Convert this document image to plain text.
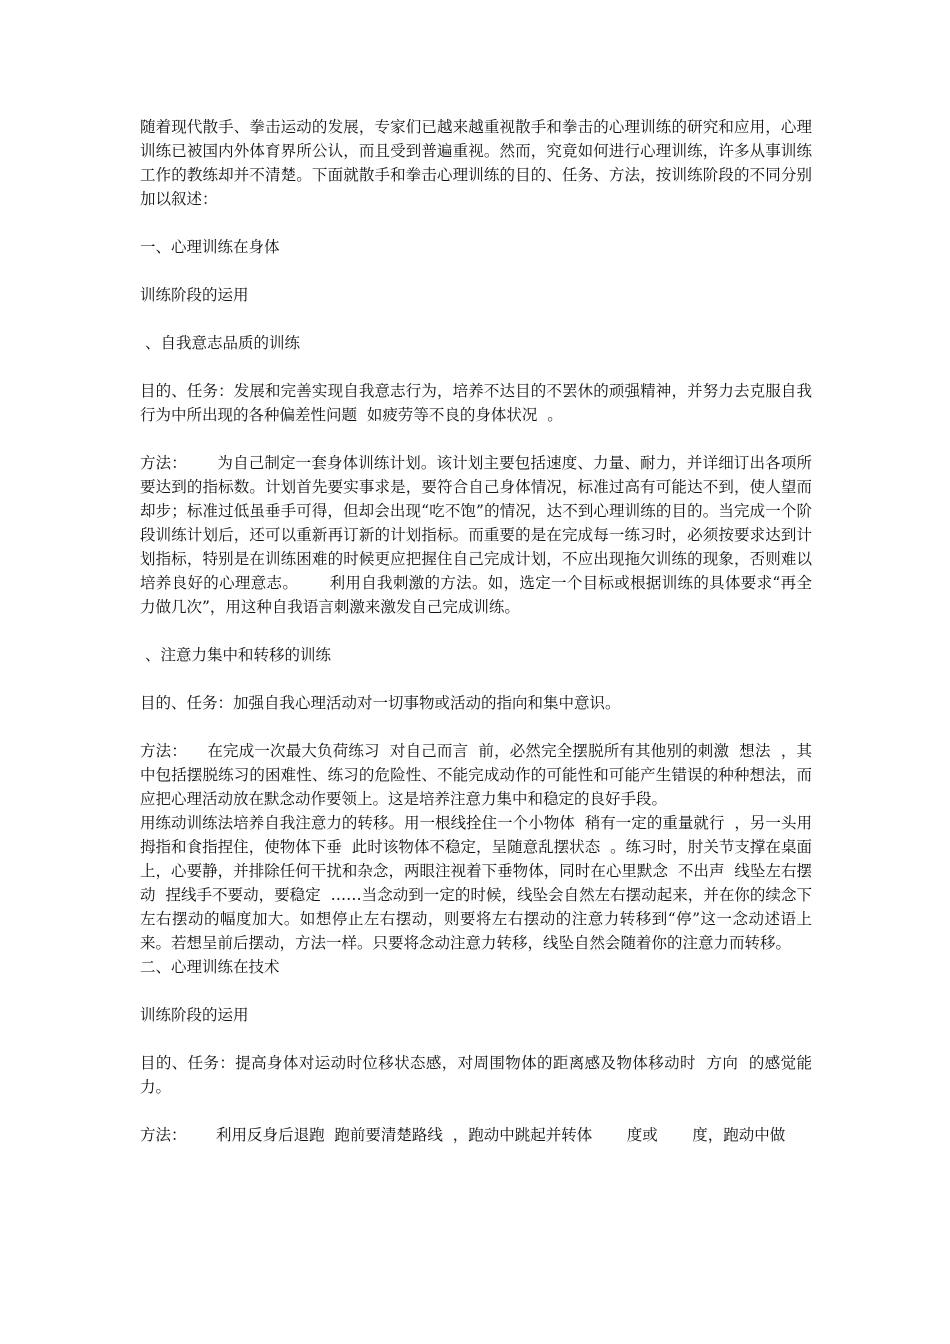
随着现代散手、拳击运动的发展，专家们已越来越重视散手和拳击的心理训练的研究和应用，心理训练已被国内外体育界所公认，而且受到普遍重视。然而，究竟如何进行心理训练，许多从事训练工作的教练却并不清楚。下面就散手和拳击心理训练的目的、任务、方法，按训练阶段的不同分别加以叙述：

一、心理训练在身体

训练阶段的运用

、自我意志品质的训练

目的、任务：发展和完善实现自我意志行为，培养不达目的不罢休的顽强精神，并努力去克服自我行为中所出现的各种偏差性问题  如疲劳等不良的身体状况  。

方法：      为自己制定一套身体训练计划。该计划主要包括速度、力量、耐力，并详细订出各项所要达到的指标数。计划首先要实事求是，要符合自己身体情况，标准过高有可能达不到，使人望而却步；标准过低虽垂手可得，但却会出现“吃不饱”的情况，达不到心理训练的目的。当完成一个阶段训练计划后，还可以重新再订新的计划指标。而重要的是在完成每一练习时，必须按要求达到计划指标，特别是在训练困难的时候更应把握住自己完成计划，不应出现拖欠训练的现象，否则难以培养良好的心理意志。      利用自我刺激的方法。如，选定一个目标或根据训练的具体要求“再全力做几次”，用这种自我语言刺激来激发自己完成训练。

、注意力集中和转移的训练

目的、任务：加强自我心理活动对一切事物或活动的指向和集中意识。

方法：    在完成一次最大负荷练习  对自己而言  前，必然完全摆脱所有其他别的刺激  想法  ，其中包括摆脱练习的困难性、练习的危险性、不能完成动作的可能性和可能产生错误的种种想法，而应把心理活动放在默念动作要领上。这是培养注意力集中和稳定的良好手段。

用练动训练法培养自我注意力的转移。用一根线拴住一个小物体  稍有一定的重量就行  ，另一头用拇指和食指捏住，使物体下垂  此时该物体不稳定，呈随意乱摆状态  。练习时，肘关节支撑在桌面上，心要静，并排除任何干扰和杂念，两眼注视着下垂物体，同时在心里默念  不出声  线坠左右摆动  捏线手不要动，要稳定  ……当念动到一定的时候，线坠会自然左右摆动起来，并在你的续念下左右摆动的幅度加大。如想停止左右摆动，则要将左右摆动的注意力转移到“停”这一念动述语上来。若想呈前后摆动，方法一样。只要将念动注意力转移，线坠自然会随着你的注意力而转移。

二、心理训练在技术

训练阶段的运用

目的、任务：提高身体对运动时位移状态感，对周围物体的距离感及物体移动时  方向  的感觉能力。

方法：      利用反身后退跑  跑前要清楚路线  ，跑动中跳起并转体       度或       度，跑动中做
